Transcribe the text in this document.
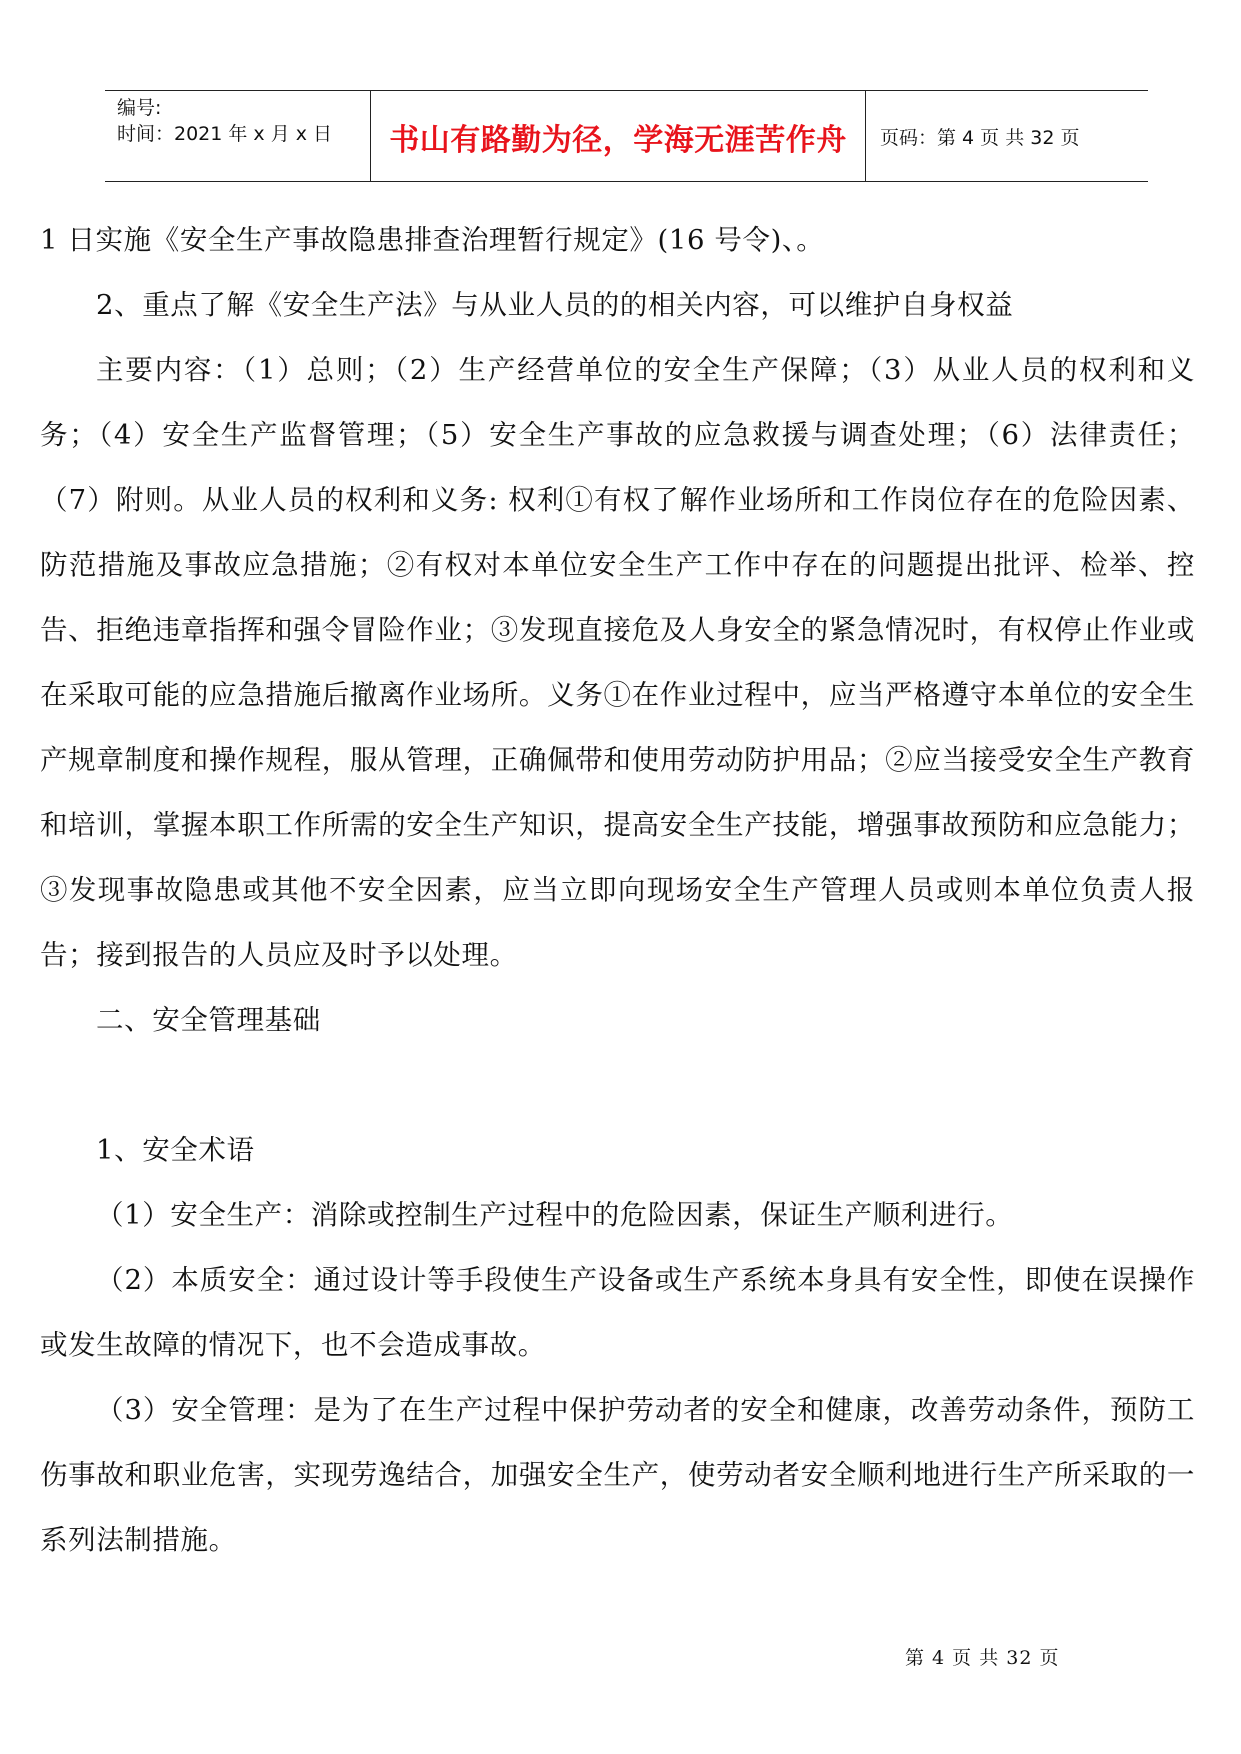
编号:
时间：2021 年 x 月 x 日	书山有路勤为径，学海无涯苦作舟 页码：第 4 页 共 32 页

1 日实施《安全生产事故隐患排查治理暂行规定》(16 号令)、。

2、重点了解《安全生产法》与从业人员的的相关内容，可以维护自身权益

主要内容：（1）总则；（2）生产经营单位的安全生产保障；（3）从业人员的权利和义务；（4）安全生产监督管理；（5）安全生产事故的应急救援与调查处理；（6）法律责任；（7）附则。从业人员的权利和义务: 权利①有权了解作业场所和工作岗位存在的危险因素、防范措施及事故应急措施；②有权对本单位安全生产工作中存在的问题提出批评、检举、控告、拒绝违章指挥和强令冒险作业；③发现直接危及人身安全的紧急情况时，有权停止作业或在采取可能的应急措施后撤离作业场所。义务①在作业过程中，应当严格遵守本单位的安全生产规章制度和操作规程，服从管理，正确佩带和使用劳动防护用品；②应当接受安全生产教育和培训，掌握本职工作所需的安全生产知识，提高安全生产技能，增强事故预防和应急能力；③发现事故隐患或其他不安全因素，应当立即向现场安全生产管理人员或则本单位负责人报告；接到报告的人员应及时予以处理。

二、安全管理基础

1、安全术语

（1）安全生产：消除或控制生产过程中的危险因素，保证生产顺利进行。

（2）本质安全：通过设计等手段使生产设备或生产系统本身具有安全性，即使在误操作或发生故障的情况下，也不会造成事故。

（3）安全管理：是为了在生产过程中保护劳动者的安全和健康，改善劳动条件，预防工伤事故和职业危害，实现劳逸结合，加强安全生产，使劳动者安全顺利地进行生产所采取的一系列法制措施。

第 4 页 共 32 页
